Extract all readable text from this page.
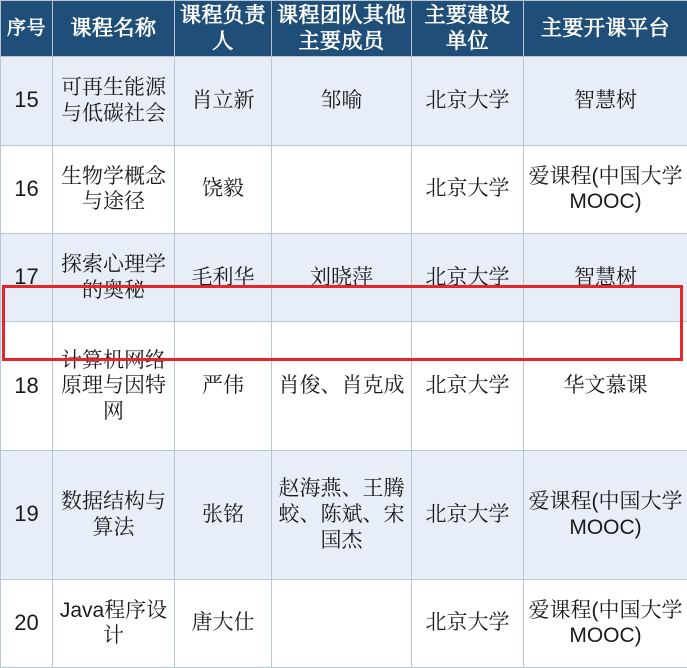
序号	课程名称	课程负责人	课程团队其他主要成员	主要建设单位	主要开课平台
15	可再生能源与低碳社会	肖立新	邹喻	北京大学	智慧树
16	生物学概念与途径	饶毅		北京大学	爱课程(中国大学MOOC)
17	探索心理学的奥秘	毛利华	刘晓萍	北京大学	智慧树
18	计算机网络原理与因特网	严伟	肖俊、肖克成	北京大学	华文慕课
19	数据结构与算法	张铭	赵海燕、王腾蛟、陈斌、宋国杰	北京大学	爱课程(中国大学MOOC)
20	Java程序设计	唐大仕		北京大学	爱课程(中国大学MOOC)
